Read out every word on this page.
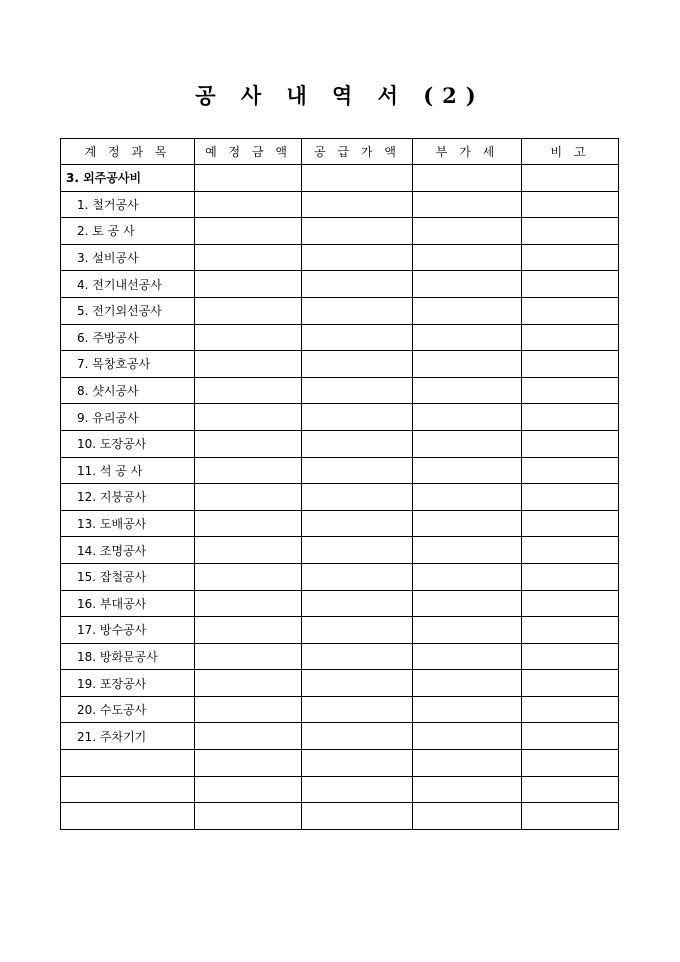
공 사 내 역 서 (2)
계 정 과 목	예 정 금 액	공 급 가 액	부 가 세	비 고
3. 외주공사비				
1. 철거공사				
2. 토 공 사				
3. 설비공사				
4. 전기내선공사				
5. 전기외선공사				
6. 주방공사				
7. 목창호공사				
8. 샷시공사				
9. 유리공사				
10. 도장공사				
11. 석 공 사				
12. 지붕공사				
13. 도배공사				
14. 조명공사				
15. 잡철공사				
16. 부대공사				
17. 방수공사				
18. 방화문공사				
19. 포장공사				
20. 수도공사				
21. 주차기기				
